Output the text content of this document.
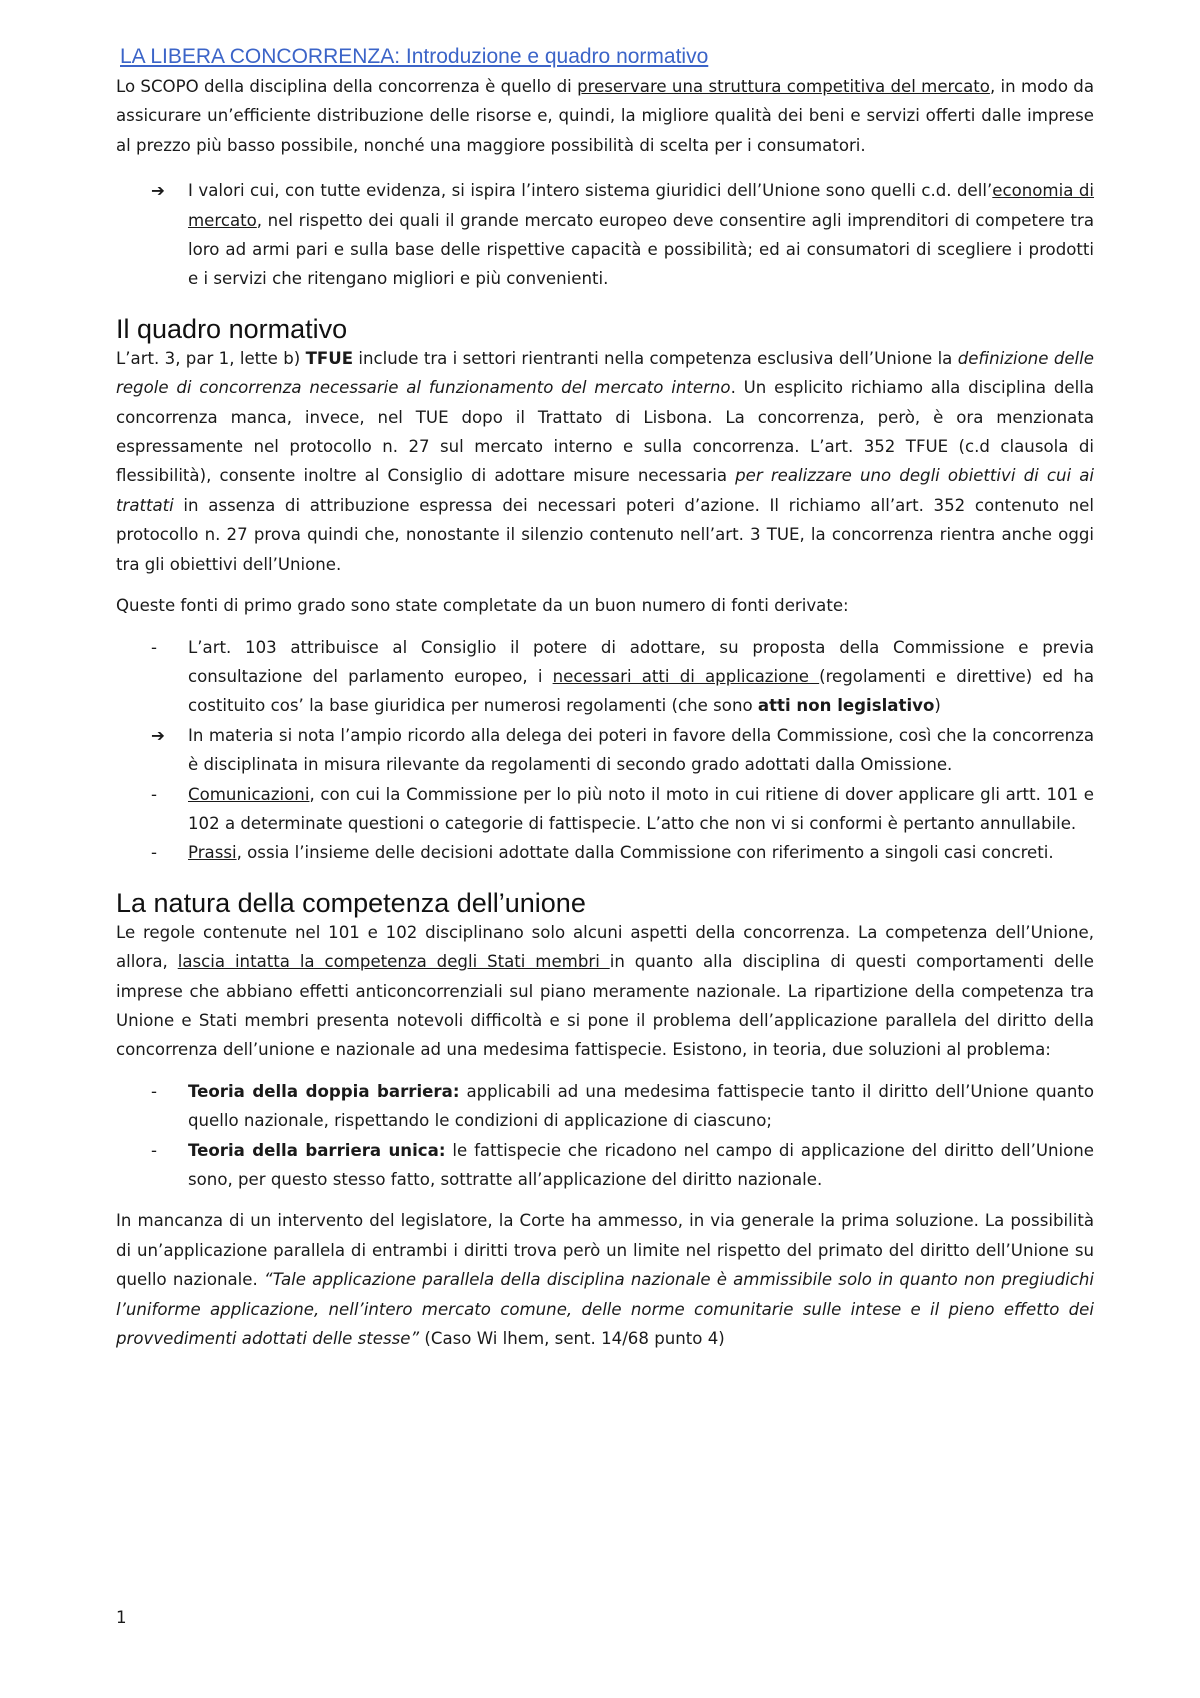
LA LIBERA CONCORRENZA: Introduzione e quadro normativo

Lo SCOPO della disciplina della concorrenza è quello di preservare una struttura competitiva del mercato, in modo da assicurare un’efficiente distribuzione delle risorse e, quindi, la migliore qualità dei beni e servizi offerti dalle imprese al prezzo più basso possibile, nonché una maggiore possibilità di scelta per i consumatori.

➔ I valori cui, con tutte evidenza, si ispira l’intero sistema giuridici dell’Unione sono quelli c.d. dell’economia di mercato, nel rispetto dei quali il grande mercato europeo deve consentire agli imprenditori di competere tra loro ad armi pari e sulla base delle rispettive capacità e possibilità; ed ai consumatori di scegliere i prodotti e i servizi che ritengano migliori e più convenienti.

Il quadro normativo

L’art. 3, par 1, lette b) TFUE include tra i settori rientranti nella competenza esclusiva dell’Unione la definizione delle regole di concorrenza necessarie al funzionamento del mercato interno. Un esplicito richiamo alla disciplina della concorrenza manca, invece, nel TUE dopo il Trattato di Lisbona. La concorrenza, però, è ora menzionata espressamente nel protocollo n. 27 sul mercato interno e sulla concorrenza. L’art. 352 TFUE (c.d clausola di flessibilità), consente inoltre al Consiglio di adottare misure necessaria per realizzare uno degli obiettivi di cui ai trattati in assenza di attribuzione espressa dei necessari poteri d’azione. Il richiamo all’art. 352 contenuto nel protocollo n. 27 prova quindi che, nonostante il silenzio contenuto nell’art. 3 TUE, la concorrenza rientra anche oggi tra gli obiettivi dell’Unione.

Queste fonti di primo grado sono state completate da un buon numero di fonti derivate:

- L’art. 103 attribuisce al Consiglio il potere di adottare, su proposta della Commissione e previa consultazione del parlamento europeo, i necessari atti di applicazione (regolamenti e direttive) ed ha costituito cos’ la base giuridica per numerosi regolamenti (che sono atti non legislativo)

➔ In materia si nota l’ampio ricordo alla delega dei poteri in favore della Commissione, così che la concorrenza è disciplinata in misura rilevante da regolamenti di secondo grado adottati dalla Omissione.

- Comunicazioni, con cui la Commissione per lo più noto il moto in cui ritiene di dover applicare gli artt. 101 e 102 a determinate questioni o categorie di fattispecie. L’atto che non vi si conformi è pertanto annullabile.

- Prassi, ossia l’insieme delle decisioni adottate dalla Commissione con riferimento a singoli casi concreti.

La natura della competenza dell’unione

Le regole contenute nel 101 e 102 disciplinano solo alcuni aspetti della concorrenza. La competenza dell’Unione, allora, lascia intatta la competenza degli Stati membri in quanto alla disciplina di questi comportamenti delle imprese che abbiano effetti anticoncorrenziali sul piano meramente nazionale. La ripartizione della competenza tra Unione e Stati membri presenta notevoli difficoltà e si pone il problema dell’applicazione parallela del diritto della concorrenza dell’unione e nazionale ad una medesima fattispecie. Esistono, in teoria, due soluzioni al problema:

- Teoria della doppia barriera: applicabili ad una medesima fattispecie tanto il diritto dell’Unione quanto quello nazionale, rispettando le condizioni di applicazione di ciascuno;

- Teoria della barriera unica: le fattispecie che ricadono nel campo di applicazione del diritto dell’Unione sono, per questo stesso fatto, sottratte all’applicazione del diritto nazionale.

In mancanza di un intervento del legislatore, la Corte ha ammesso, in via generale la prima soluzione. La possibilità di un’applicazione parallela di entrambi i diritti trova però un limite nel rispetto del primato del diritto dell’Unione su quello nazionale. “Tale applicazione parallela della disciplina nazionale è ammissibile solo in quanto non pregiudichi l’uniforme applicazione, nell’intero mercato comune, delle norme comunitarie sulle intese e il pieno effetto dei provvedimenti adottati delle stesse” (Caso Wi lhem, sent. 14/68 punto 4)

1
